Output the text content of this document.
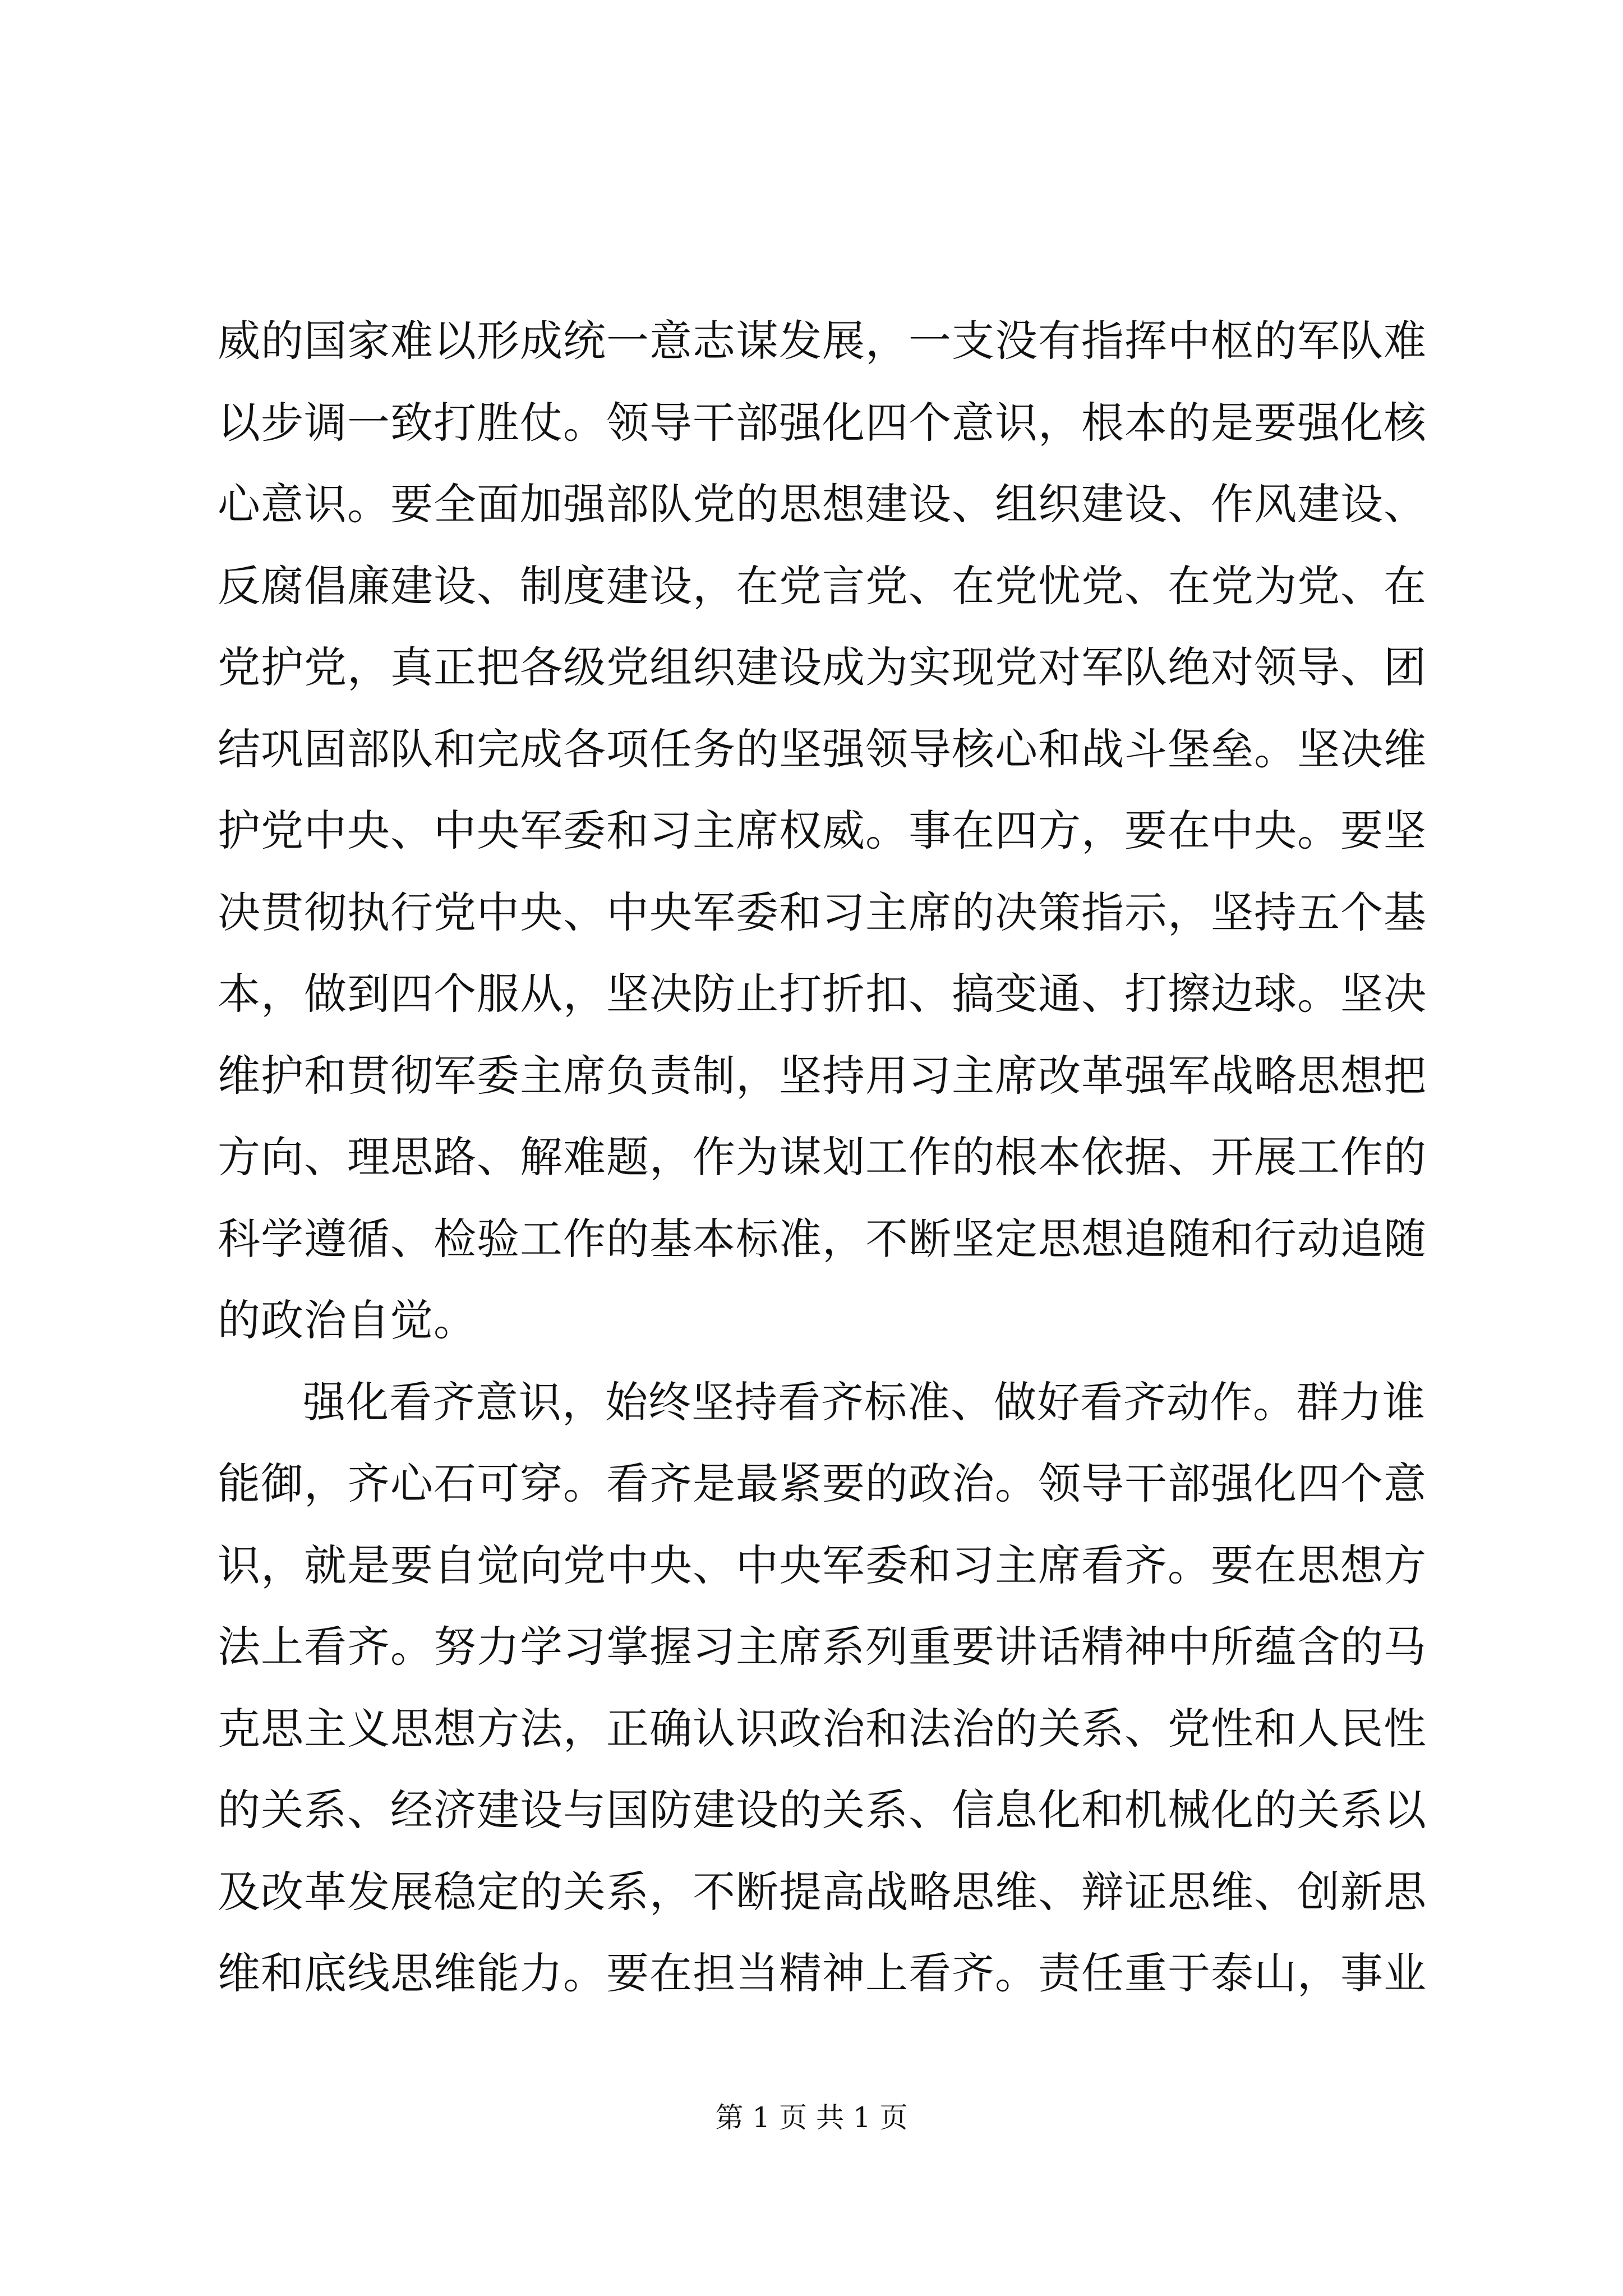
威的国家难以形成统一意志谋发展，一支没有指挥中枢的军队难
以步调一致打胜仗。领导干部强化四个意识，根本的是要强化核
心意识。要全面加强部队党的思想建设、组织建设、作风建设、
反腐倡廉建设、制度建设，在党言党、在党忧党、在党为党、在
党护党，真正把各级党组织建设成为实现党对军队绝对领导、团
结巩固部队和完成各项任务的坚强领导核心和战斗堡垒。坚决维
护党中央、中央军委和习主席权威。事在四方，要在中央。要坚
决贯彻执行党中央、中央军委和习主席的决策指示，坚持五个基
本，做到四个服从，坚决防止打折扣、搞变通、打擦边球。坚决
维护和贯彻军委主席负责制，坚持用习主席改革强军战略思想把
方向、理思路、解难题，作为谋划工作的根本依据、开展工作的
科学遵循、检验工作的基本标准，不断坚定思想追随和行动追随
的政治自觉。
强化看齐意识，始终坚持看齐标准、做好看齐动作。群力谁
能御，齐心石可穿。看齐是最紧要的政治。领导干部强化四个意
识，就是要自觉向党中央、中央军委和习主席看齐。要在思想方
法上看齐。努力学习掌握习主席系列重要讲话精神中所蕴含的马
克思主义思想方法，正确认识政治和法治的关系、党性和人民性
的关系、经济建设与国防建设的关系、信息化和机械化的关系以
及改革发展稳定的关系，不断提高战略思维、辩证思维、创新思
维和底线思维能力。要在担当精神上看齐。责任重于泰山，事业
第 1 页 共 1 页
